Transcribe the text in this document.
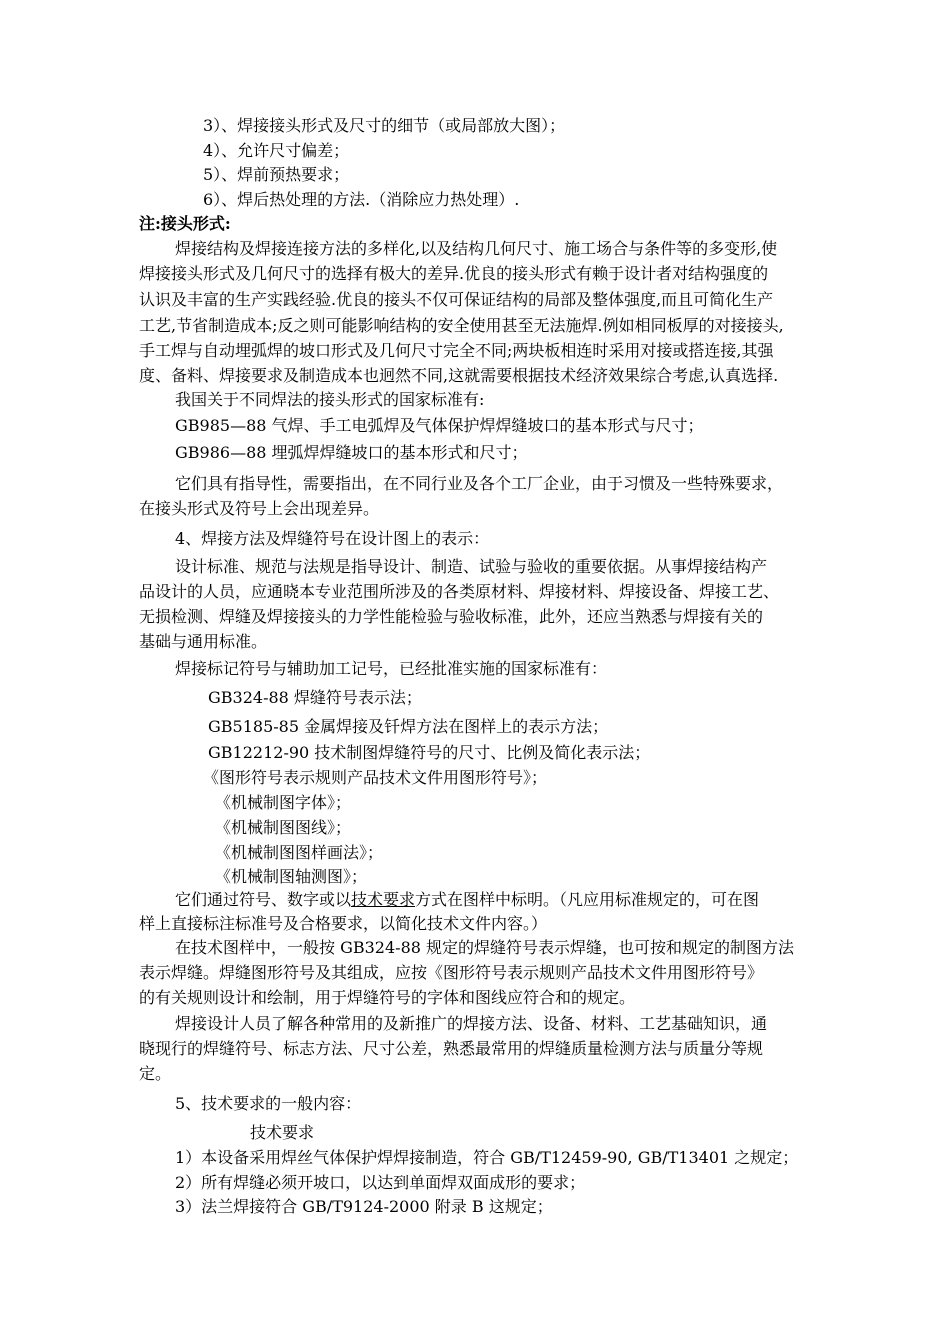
3）、焊接接头形式及尺寸的细节（或局部放大图）；
4）、允许尺寸偏差；
5）、焊前预热要求；
6）、焊后热处理的方法.（消除应力热处理）.
注:接头形式:
焊接结构及焊接连接方法的多样化,以及结构几何尺寸、施工场合与条件等的多变形,使
焊接接头形式及几何尺寸的选择有极大的差异.优良的接头形式有赖于设计者对结构强度的
认识及丰富的生产实践经验.优良的接头不仅可保证结构的局部及整体强度,而且可简化生产
工艺,节省制造成本;反之则可能影响结构的安全使用甚至无法施焊.例如相同板厚的对接接头,
手工焊与自动埋弧焊的坡口形式及几何尺寸完全不同;两块板相连时采用对接或搭连接,其强
度、备料、焊接要求及制造成本也迥然不同,这就需要根据技术经济效果综合考虑,认真选择.
我国关于不同焊法的接头形式的国家标准有:
GB985—88 气焊、手工电弧焊及气体保护焊焊缝坡口的基本形式与尺寸；
GB986—88 埋弧焊焊缝坡口的基本形式和尺寸；
它们具有指导性，需要指出，在不同行业及各个工厂企业，由于习惯及一些特殊要求，
在接头形式及符号上会出现差异。
4、焊接方法及焊缝符号在设计图上的表示：
设计标准、规范与法规是指导设计、制造、试验与验收的重要依据。从事焊接结构产
品设计的人员，应通晓本专业范围所涉及的各类原材料、焊接材料、焊接设备、焊接工艺、
无损检测、焊缝及焊接接头的力学性能检验与验收标准，此外，还应当熟悉与焊接有关的
基础与通用标准。
焊接标记符号与辅助加工记号，已经批准实施的国家标准有：
GB324-88 焊缝符号表示法；
GB5185-85 金属焊接及钎焊方法在图样上的表示方法；
GB12212-90 技术制图焊缝符号的尺寸、比例及简化表示法；
《图形符号表示规则产品技术文件用图形符号》；
《机械制图字体》；
《机械制图图线》；
《机械制图图样画法》；
《机械制图轴测图》；
它们通过符号、数字或以技术要求方式在图样中标明。（凡应用标准规定的，可在图
样上直接标注标准号及合格要求，以简化技术文件内容。）
在技术图样中，一般按 GB324-88 规定的焊缝符号表示焊缝，也可按和规定的制图方法
表示焊缝。焊缝图形符号及其组成，应按《图形符号表示规则产品技术文件用图形符号》
的有关规则设计和绘制，用于焊缝符号的字体和图线应符合和的规定。
焊接设计人员了解各种常用的及新推广的焊接方法、设备、材料、工艺基础知识，通
晓现行的焊缝符号、标志方法、尺寸公差，熟悉最常用的焊缝质量检测方法与质量分等规
定。
5、技术要求的一般内容：
技术要求
1）本设备采用焊丝气体保护焊焊接制造，符合 GB/T12459-90, GB/T13401 之规定；
2）所有焊缝必须开坡口，以达到单面焊双面成形的要求；
3）法兰焊接符合 GB/T9124-2000 附录 B 这规定；
